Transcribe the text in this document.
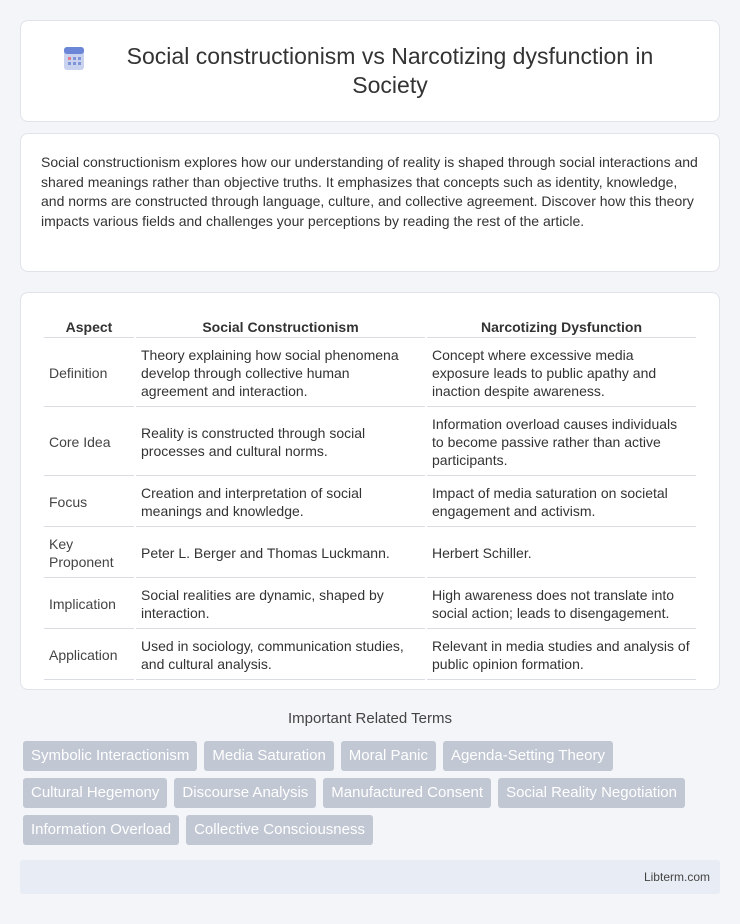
Social constructionism vs Narcotizing dysfunction in Society

Social constructionism explores how our understanding of reality is shaped through social interactions and shared meanings rather than objective truths. It emphasizes that concepts such as identity, knowledge, and norms are constructed through language, culture, and collective agreement. Discover how this theory impacts various fields and challenges your perceptions by reading the rest of the article.

Aspect	Social Constructionism	Narcotizing Dysfunction
Definition	Theory explaining how social phenomena develop through collective human agreement and interaction.	Concept where excessive media exposure leads to public apathy and inaction despite awareness.
Core Idea	Reality is constructed through social processes and cultural norms.	Information overload causes individuals to become passive rather than active participants.
Focus	Creation and interpretation of social meanings and knowledge.	Impact of media saturation on societal engagement and activism.
Key Proponent	Peter L. Berger and Thomas Luckmann.	Herbert Schiller.
Implication	Social realities are dynamic, shaped by interaction.	High awareness does not translate into social action; leads to disengagement.
Application	Used in sociology, communication studies, and cultural analysis.	Relevant in media studies and analysis of public opinion formation.
Important Related Terms
Symbolic Interactionism	Media Saturation	Moral Panic	Agenda-Setting Theory
Cultural Hegemony	Discourse Analysis	Manufactured Consent	Social Reality Negotiation
Information Overload	Collective Consciousness
Libterm.com
